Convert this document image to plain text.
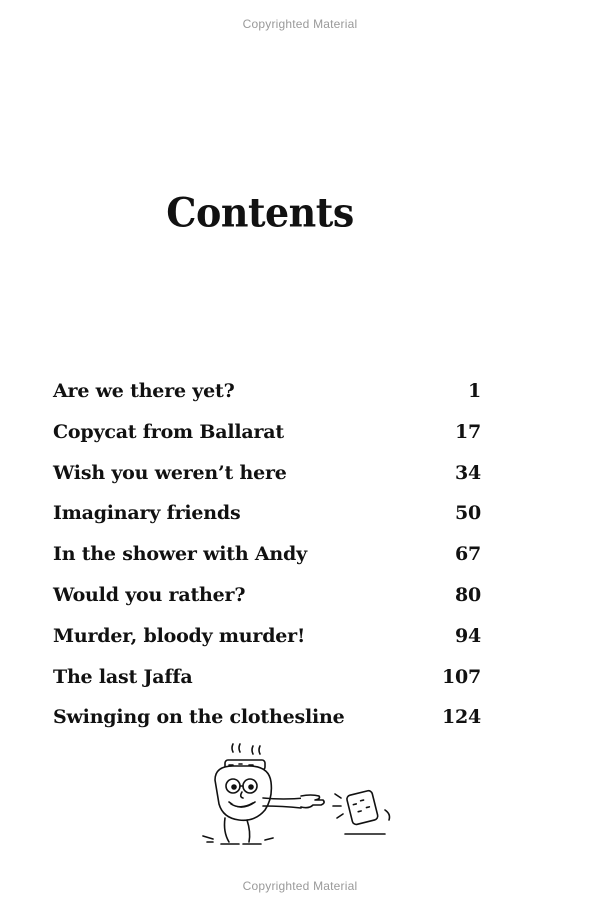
Copyrighted Material
Contents
Are we there yet?	1
Copycat from Ballarat	17
Wish you weren’t here	34
Imaginary friends	50
In the shower with Andy	67
Would you rather?	80
Murder, bloody murder!	94
The last Jaffa	107
Swinging on the clothesline	124
Copyrighted Material
